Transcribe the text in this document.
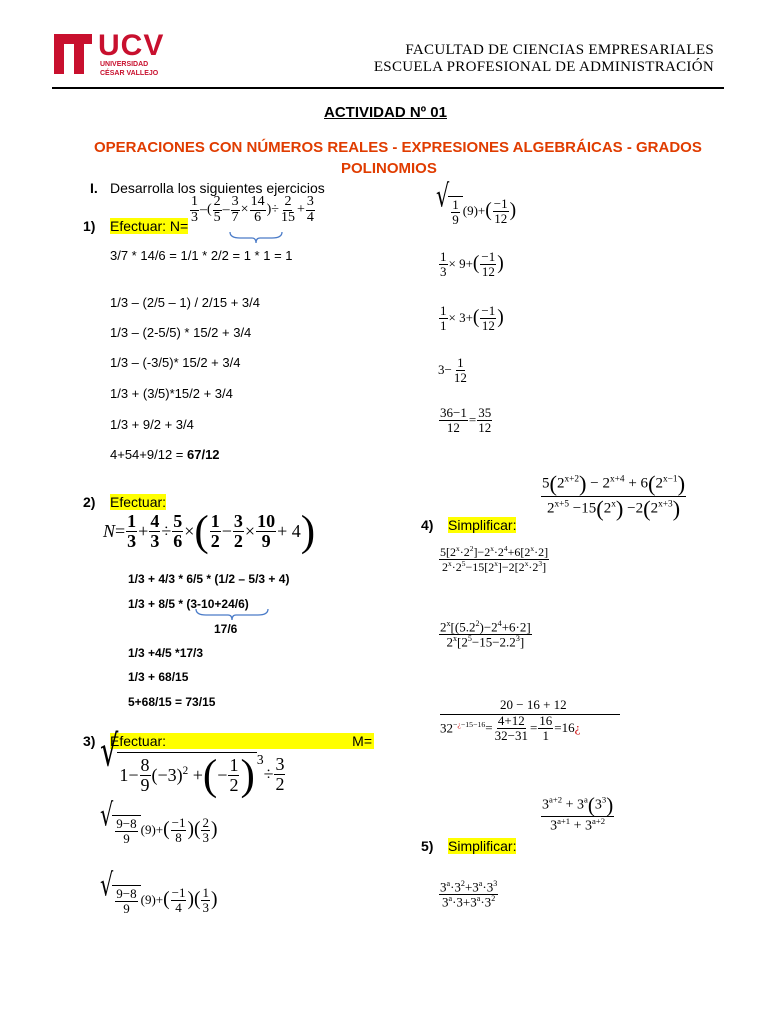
UCV
UNIVERSIDAD
CÉSAR VALLEJO
FACULTAD DE CIENCIAS EMPRESARIALES
ESCUELA PROFESIONAL DE ADMINISTRACIÓN
ACTIVIDAD Nº 01
OPERACIONES CON NÚMEROS REALES - EXPRESIONES ALGEBRÁICAS - GRADOS
POLINOMIOS
I. Desarrolla los siguientes ejercicios
1) Efectuar: N=
$\frac{1}{3}$ – ( $\frac{2}{5} - \frac{3}{7} \times \frac{14}{6}$ ) ÷ $\frac{2}{15} + \frac{3}{4}$
3/7 * 14/6 = 1/1 * 2/2 = 1 * 1 = 1
1/3 – (2/5 – 1) / 2/15 + 3/4
1/3 – (2-5/5) * 15/2 + 3/4
1/3 – (-3/5)* 15/2 + 3/4
1/3 + (3/5)*15/2 + 3/4
1/3 + 9/2 + 3/4
4+54+9/12 = 67/12
√ $\frac{1}{9} (9)+$ ( $\frac{-1}{12}$ )
$\frac{1}{3} \times 9+$ ( $\frac{-1}{12}$ )
$\frac{1}{1} \times 3+$ ( $\frac{-1}{12}$ )
$3- \frac{1}{12}$
$\frac{36-1}{12} = \frac{35}{12}$
2) Efectuar:
$N = \frac{1}{3} + \frac{4}{3} \div \frac{5}{6}$ × ( $\frac{1}{2} - \frac{3}{2} \times \frac{10}{9} + 4$ )
1/3 + 4/3 * 6/5 * (1/2 – 5/3 + 4)
1/3 + 8/5 * (3-10+24/6)
17/6
1/3 +4/5 *17/3
1/3 + 68/15
5+68/15 = 73/15
$\frac{5(2^{x+2}) - 2^{x+4} + 6(2^{x-1})}{2^{x+5} -15(2^x) -2(2^{x+3})}$
4) Simplificar:
$\frac{5[2^x\cdot 2^2]-2^x\cdot 2^4+6[2^x\cdot 2]}{2^x\cdot 2^5-15[2^x]-2[2^x\cdot 2^3]}$
$\frac{2^x[(5.2^2)-2^4+6\cdot 2]}{2^x[2^5-15-2.2^3]}$
20 − 16 + 12
$32^{-¿-15-16} = \frac{4+12}{32-31} = \frac{16}{1} =16$ ¿
3) Efectuar:	M=
√ $1- \frac{8}{9} (-3)^2$ + ( − $\frac{1}{2} )^3$
÷ $\frac{3}{2}$
√ $\frac{9-8}{9} (9)+$ ( $\frac{-1}{8}$ ) ( $\frac{2}{3}$ )
√ $\frac{9-8}{9} (9)+$ ( $\frac{-1}{4}$ ) ( $\frac{1}{3}$ )
$\frac{3^{a+2} + 3^a(3^3)}{3^{a+1} + 3^{a+2}}$
5) Simplificar:
$\frac{3^a\cdot 3^2+3^a\cdot 3^3}{3^a\cdot 3+3^a\cdot 3^2}$
